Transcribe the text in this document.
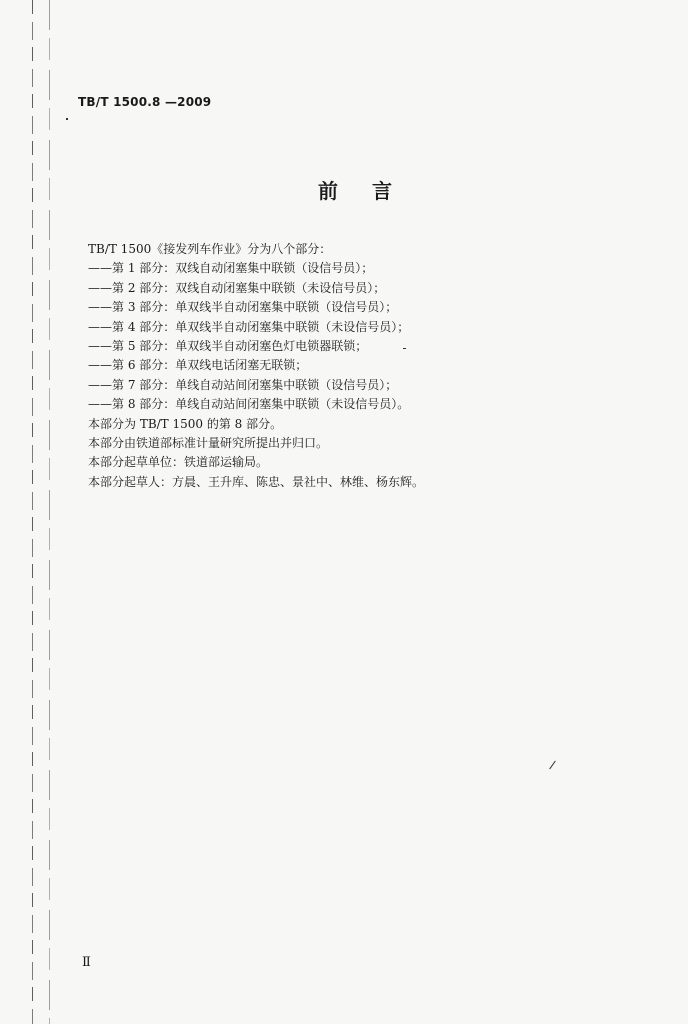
TB/T 1500.8 —2009
前言
TB/T 1500《接发列车作业》分为八个部分：
——第 1 部分：双线自动闭塞集中联锁（设信号员）；
——第 2 部分：双线自动闭塞集中联锁（未设信号员）；
——第 3 部分：单双线半自动闭塞集中联锁（设信号员）；
——第 4 部分：单双线半自动闭塞集中联锁（未设信号员）；
——第 5 部分：单双线半自动闭塞色灯电锁器联锁；
——第 6 部分：单双线电话闭塞无联锁；
——第 7 部分：单线自动站间闭塞集中联锁（设信号员）；
——第 8 部分：单线自动站间闭塞集中联锁（未设信号员）。
本部分为 TB/T 1500 的第 8 部分。
本部分由铁道部标准计量研究所提出并归口。
本部分起草单位：铁道部运输局。
本部分起草人：方晨、王升库、陈忠、景社中、林维、杨东辉。
Ⅱ
